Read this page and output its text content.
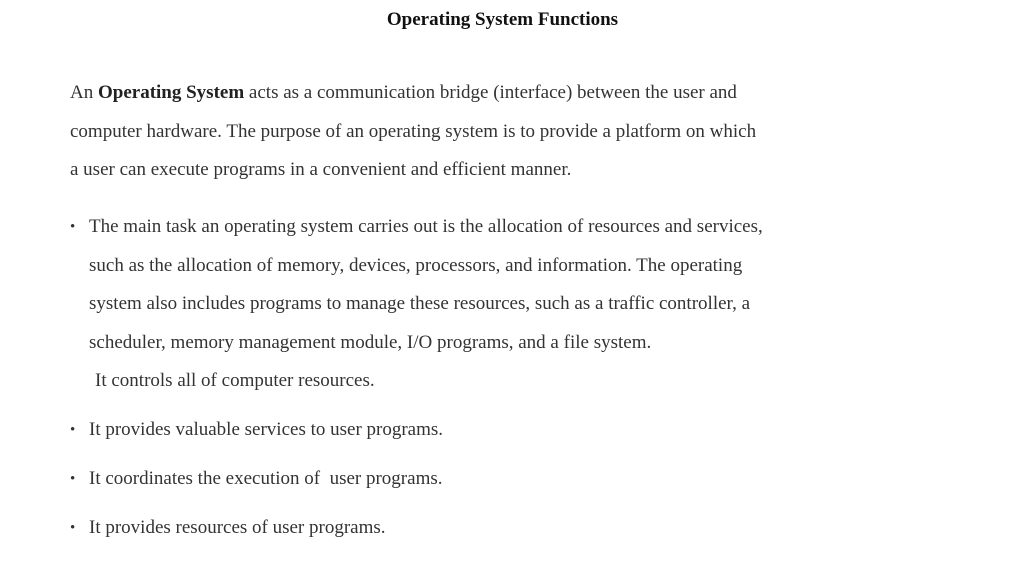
Operating System Functions
An Operating System acts as a communication bridge (interface) between the user and
computer hardware. The purpose of an operating system is to provide a platform on which
a user can execute programs in a convenient and efficient manner.
• The main task an operating system carries out is the allocation of resources and services,
such as the allocation of memory, devices, processors, and information. The operating
system also includes programs to manage these resources, such as a traffic controller, a
scheduler, memory management module, I/O programs, and a file system.
It controls all of computer resources.
• It provides valuable services to user programs.
• It coordinates the execution of  user programs.
• It provides resources of user programs.
